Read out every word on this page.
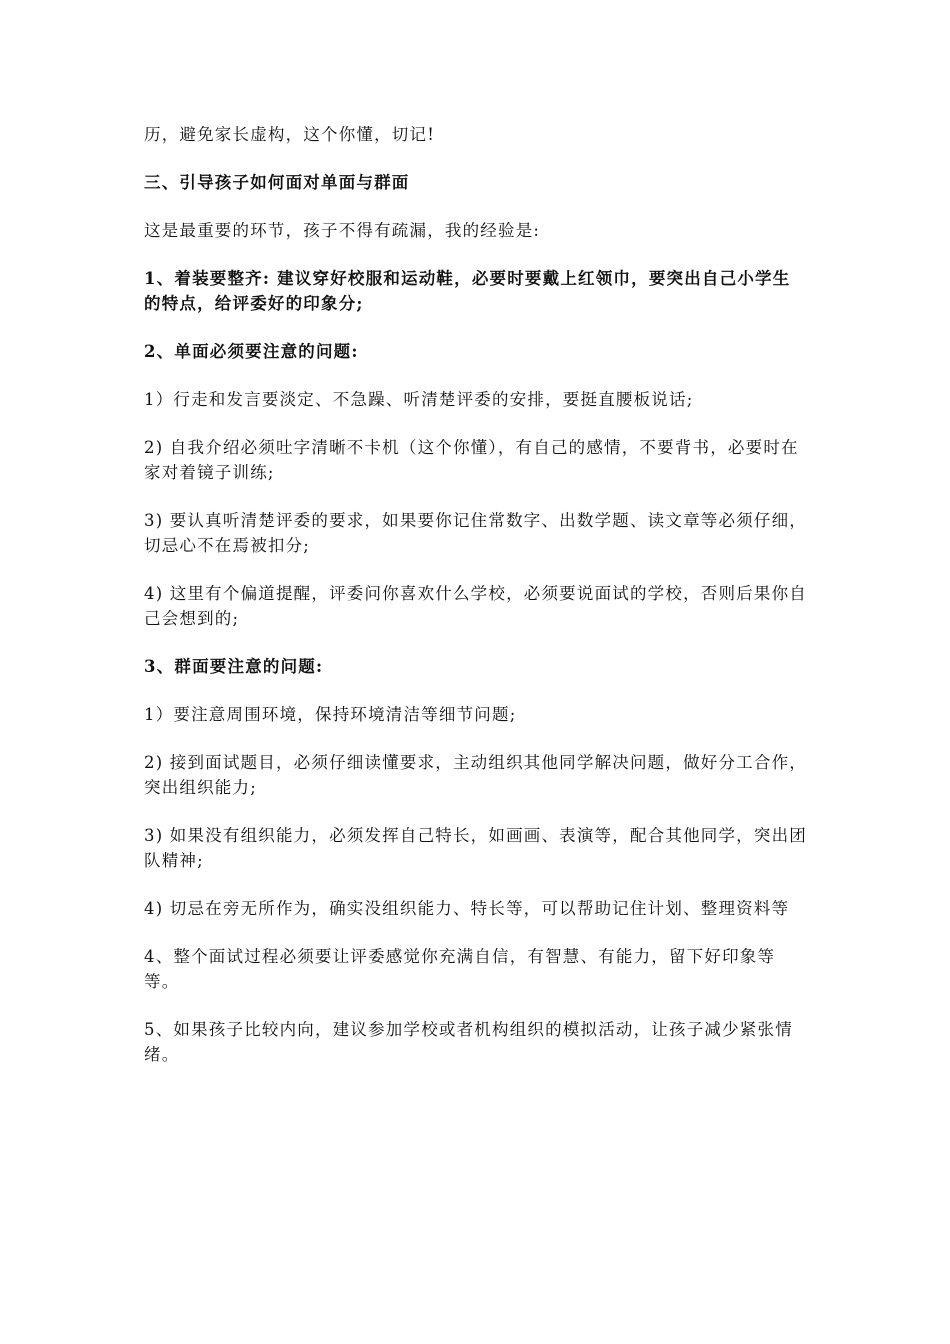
历，避免家长虚构，这个你懂，切记!

三、引导孩子如何面对单面与群面

这是最重要的环节，孩子不得有疏漏，我的经验是:

1、着装要整齐: 建议穿好校服和运动鞋，必要时要戴上红领巾，要突出自己小学生的特点，给评委好的印象分;

2、单面必须要注意的问题:

1）行走和发言要淡定、不急躁、听清楚评委的安排，要挺直腰板说话;

2) 自我介绍必须吐字清晰不卡机（这个你懂），有自己的感情，不要背书，必要时在家对着镜子训练;

3) 要认真听清楚评委的要求，如果要你记住常数字、出数学题、读文章等必须仔细，切忌心不在焉被扣分;

4) 这里有个偏道提醒，评委问你喜欢什么学校，必须要说面试的学校，否则后果你自己会想到的;

3、群面要注意的问题:

1）要注意周围环境，保持环境清洁等细节问题;

2) 接到面试题目，必须仔细读懂要求，主动组织其他同学解决问题，做好分工合作，突出组织能力;

3) 如果没有组织能力，必须发挥自己特长，如画画、表演等，配合其他同学，突出团队精神;

4) 切忌在旁无所作为，确实没组织能力、特长等，可以帮助记住计划、整理资料等

4、整个面试过程必须要让评委感觉你充满自信，有智慧、有能力，留下好印象等等。

5、如果孩子比较内向，建议参加学校或者机构组织的模拟活动，让孩子减少紧张情绪。
